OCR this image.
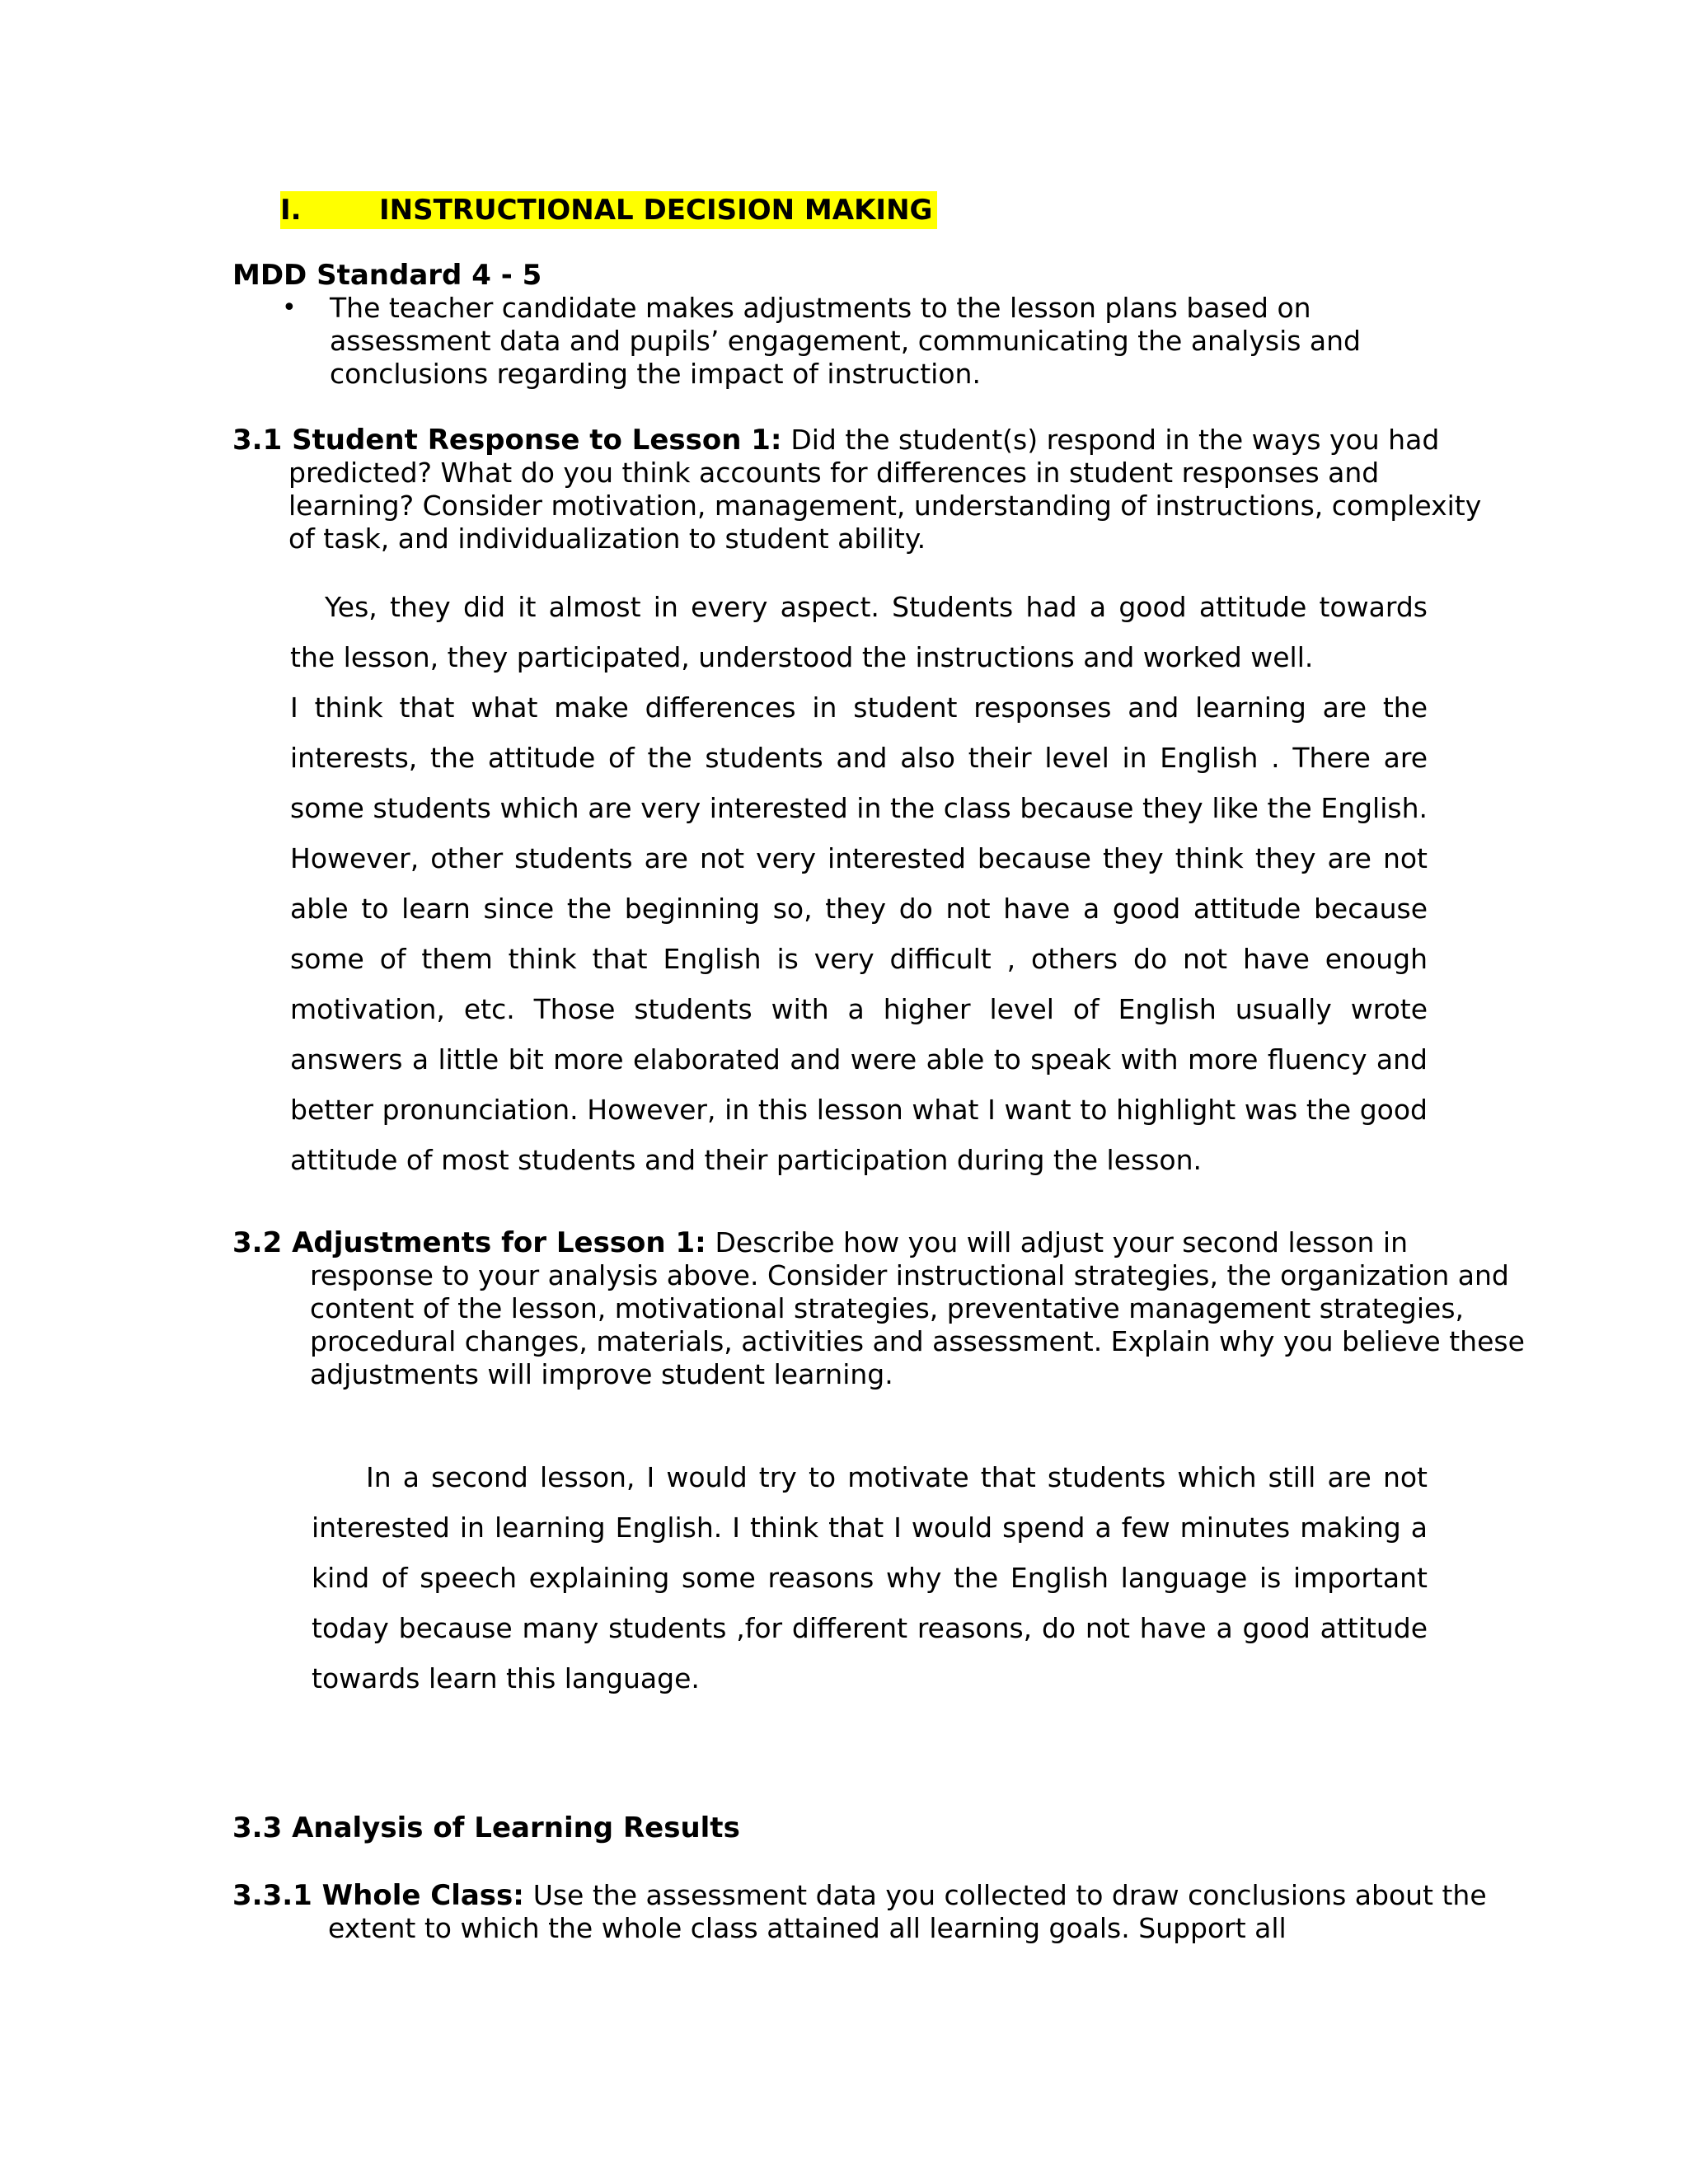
I.	INSTRUCTIONAL DECISION MAKING
MDD Standard 4 - 5
• The teacher candidate makes adjustments to the lesson plans based on assessment data and pupils’ engagement, communicating the analysis and conclusions regarding the impact of instruction.
3.1 Student Response to Lesson 1: Did the student(s) respond in the ways you had predicted? What do you think accounts for differences in student responses and learning? Consider motivation, management, understanding of instructions, complexity of task, and individualization to student ability.

Yes, they did it almost in every aspect. Students had a good attitude towards the lesson, they participated, understood the instructions and worked well.

I think that what make differences in student responses and learning are the interests, the attitude of the students and also their level in English . There are some students which are very interested in the class because they like the English. However, other students are not very interested because they think they are not able to learn since the beginning so, they do not have a good attitude because some of them think that English is very difficult , others do not have enough motivation, etc. Those students with a higher level of English usually wrote answers a little bit more elaborated and were able to speak with more fluency and better pronunciation. However, in this lesson what I want to highlight was the good attitude of most students and their participation during the lesson.

3.2 Adjustments for Lesson 1: Describe how you will adjust your second lesson in response to your analysis above. Consider instructional strategies, the organization and content of the lesson, motivational strategies, preventative management strategies, procedural changes, materials, activities and assessment. Explain why you believe these adjustments will improve student learning.

In a second lesson, I would try to motivate that students which still are not interested in learning English. I think that I would spend a few minutes making a kind of speech explaining some reasons why the English language is important today because many students ,for different reasons, do not have a good attitude towards learn this language.

3.3 Analysis of Learning Results
3.3.1 Whole Class: Use the assessment data you collected to draw conclusions about the extent to which the whole class attained all learning goals. Support all
